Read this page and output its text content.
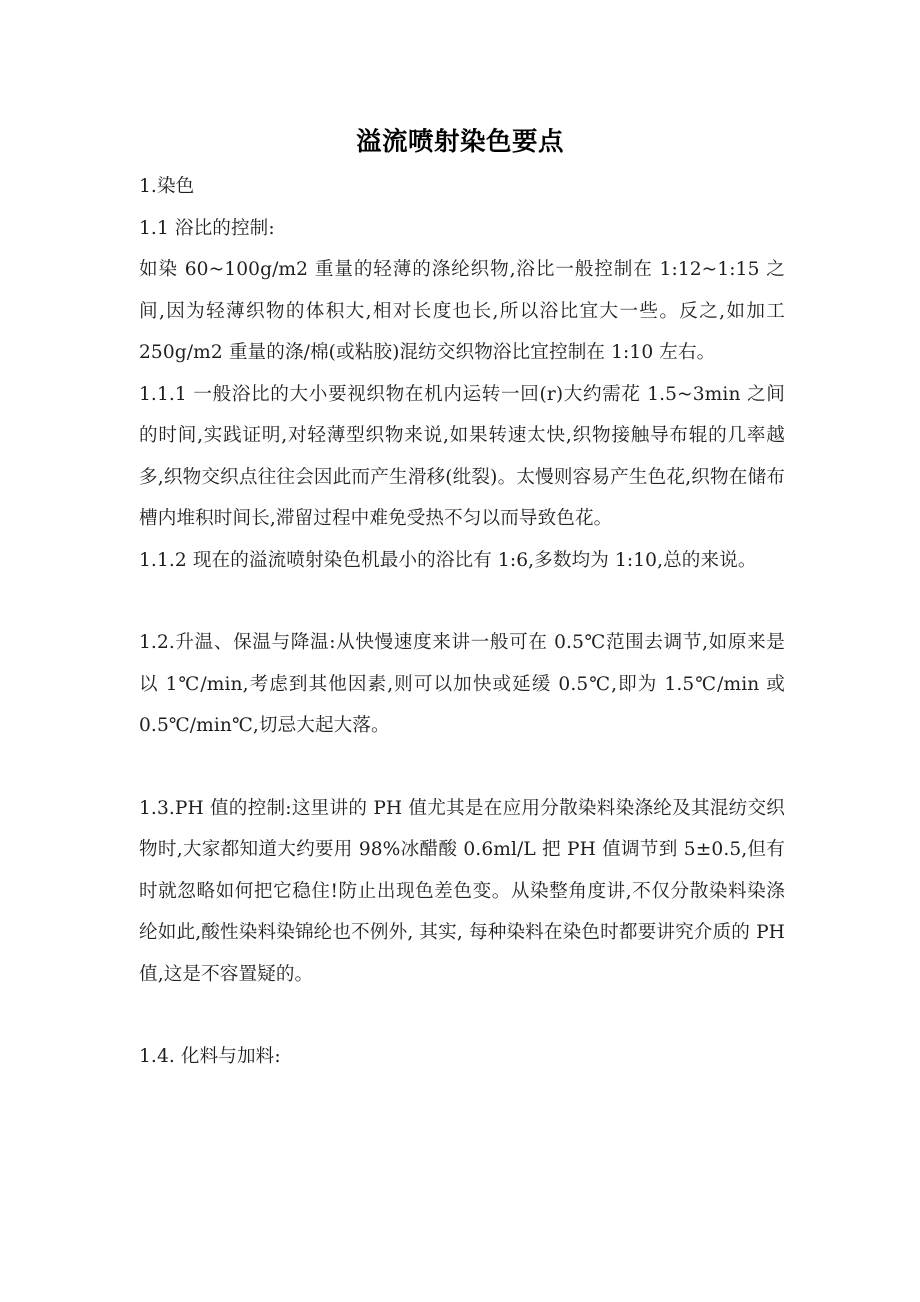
溢流喷射染色要点

1.染色

1.1 浴比的控制:

如染 60~100g/m2 重量的轻薄的涤纶织物,浴比一般控制在 1:12~1:15 之间,因为轻薄织物的体积大,相对长度也长,所以浴比宜大一些。反之,如加工 250g/m2 重量的涤/棉(或粘胶)混纺交织物浴比宜控制在 1:10 左右。

1.1.1 一般浴比的大小要视织物在机内运转一回(r)大约需花 1.5~3min 之间的时间,实践证明,对轻薄型织物来说,如果转速太快,织物接触导布辊的几率越多,织物交织点往往会因此而产生滑移(纰裂)。太慢则容易产生色花,织物在储布槽内堆积时间长,滞留过程中难免受热不匀以而导致色花。

1.1.2 现在的溢流喷射染色机最小的浴比有 1:6,多数均为 1:10,总的来说。

1.2.升温、保温与降温:从快慢速度来讲一般可在 0.5℃范围去调节,如原来是以 1℃/min,考虑到其他因素,则可以加快或延缓 0.5℃,即为 1.5℃/min 或 0.5℃/min℃,切忌大起大落。

1.3.PH 值的控制:这里讲的 PH 值尤其是在应用分散染料染涤纶及其混纺交织物时,大家都知道大约要用 98%冰醋酸 0.6ml/L 把 PH 值调节到 5±0.5,但有时就忽略如何把它稳住!防止出现色差色变。从染整角度讲,不仅分散染料染涤纶如此,酸性染料染锦纶也不例外, 其实, 每种染料在染色时都要讲究介质的 PH 值,这是不容置疑的。

1.4. 化料与加料:
